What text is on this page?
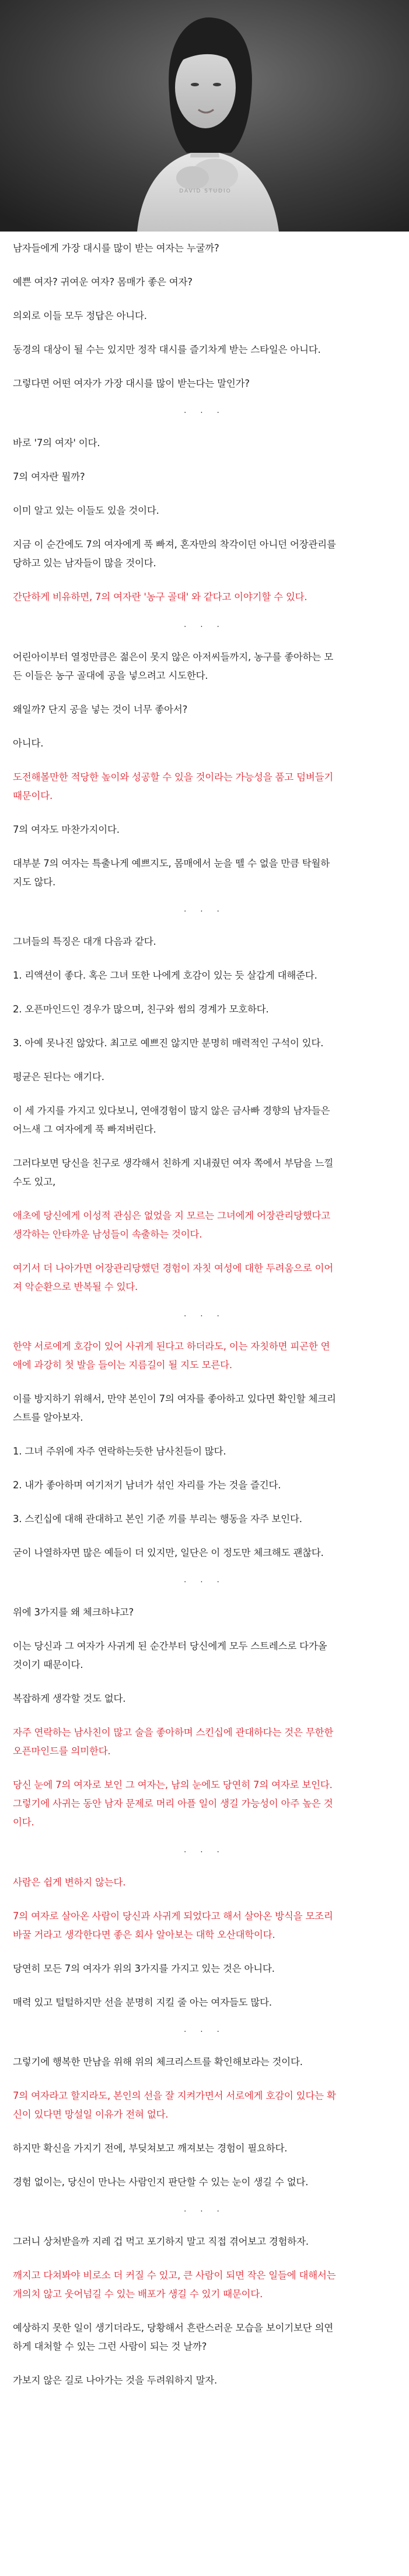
DAVID STUDIO
남자들에게 가장 대시를 많이 받는 여자는 누굴까?
예쁜 여자? 귀여운 여자? 몸매가 좋은 여자?
의외로 이들 모두 정답은 아니다.
동경의 대상이 될 수는 있지만 정작 대시를 즐기차게 받는 스타일은 아니다.
그렇다면 어떤 여자가 가장 대시를 많이 받는다는 말인가?
· · ·
바로 '7의 여자' 이다.
7의 여자란 뭘까?
이미 알고 있는 이들도 있을 것이다.
지금 이 순간에도 7의 여자에게 푹 빠져, 혼자만의 착각이던 아니던 어장관리를
당하고 있는 남자들이 많을 것이다.
간단하게 비유하면, 7의 여자란 '농구 골대' 와 같다고 이야기할 수 있다.
· · ·
어린아이부터 열정만큼은 젊은이 못지 않은 아저씨들까지, 농구를 좋아하는 모
든 이들은 농구 골대에 공을 넣으려고 시도한다.
왜일까? 단지 공을 넣는 것이 너무 좋아서?
아니다.
도전해볼만한 적당한 높이와 성공할 수 있을 것이라는 가능성을 품고 덤벼들기
때문이다.
7의 여자도 마찬가지이다.
대부분 7의 여자는 특출나게 예쁘지도, 몸매에서 눈을 뗄 수 없을 만큼 탁월하
지도 않다.
· · ·
그녀들의 특징은 대개 다음과 같다.
1. 리액션이 좋다. 혹은 그녀 또한 나에게 호감이 있는 듯 살갑게 대해준다.
2. 오픈마인드인 경우가 많으며, 친구와 썸의 경계가 모호하다.
3. 아예 못나진 않았다. 최고로 예쁘진 않지만 분명히 매력적인 구석이 있다.
평균은 된다는 얘기다.
이 세 가지를 가지고 있다보니, 연애경험이 많지 않은 금사빠 경향의 남자들은
어느새 그 여자에게 푹 빠져버린다.
그러다보면 당신을 친구로 생각해서 친하게 지내줬던 여자 쪽에서 부담을 느낄
수도 있고,
애초에 당신에게 이성적 관심은 없었을 지 모르는 그녀에게 어장관리당했다고
생각하는 안타까운 남성들이 속출하는 것이다.
여기서 더 나아가면 어장관리당했던 경험이 자칫 여성에 대한 두려움으로 이어
져 악순환으로 반복될 수 있다.
· · ·
한약 서로에게 호감이 있어 사귀게 된다고 하더라도, 이는 자칫하면 피곤한 연
애에 과강히 첫 발을 들이는 지름길이 될 지도 모른다.
이를 방지하기 위해서, 만약 본인이 7의 여자를 좋아하고 있다면 확인할 체크리
스트를 알아보자.
1. 그녀 주위에 자주 연락하는듯한 남사친들이 많다.
2. 내가 좋아하며 여기저기 남녀가 섞인 자리를 가는 것을 즐긴다.
3. 스킨십에 대해 관대하고 본인 기준 끼를 부리는 행동을 자주 보인다.
굳이 나열하자면 많은 예들이 더 있지만, 일단은 이 정도만 체크해도 괜찮다.
· · ·
위에 3가지를 왜 체크하냐고?
이는 당신과 그 여자가 사귀게 된 순간부터 당신에게 모두 스트레스로 다가올
것이기 때문이다.
복잡하게 생각할 것도 없다.
자주 연락하는 남사친이 많고 술을 좋아하며 스킨십에 관대하다는 것은 무한한
오픈마인드를 의미한다.
당신 눈에 7의 여자로 보인 그 여자는, 남의 눈에도 당연히 7의 여자로 보인다.
그렇기에 사귀는 동안 남자 문제로 머리 아플 일이 생길 가능성이 아주 높은 것
이다.
· · ·
사람은 쉽게 변하지 않는다.
7의 여자로 살아온 사람이 당신과 사귀게 되었다고 해서 살아온 방식을 모조리
바꿀 거라고 생각한다면 좋은 회사 알아보는 대학 오산대학이다.
당연히 모든 7의 여자가 위의 3가지를 가지고 있는 것은 아니다.
매력 있고 털털하지만 선을 분명히 지킬 줄 아는 여자들도 많다.
· · ·
그렇기에 행복한 만남을 위해 위의 체크리스트를 확인해보라는 것이다.
7의 여자라고 할지라도, 본인의 선을 잘 지켜가면서 서로에게 호감이 있다는 확
신이 있다면 망설일 이유가 전혀 없다.
하지만 확신을 가지기 전에, 부딪쳐보고 깨져보는 경험이 필요하다.
경험 없이는, 당신이 만나는 사람인지 판단할 수 있는 눈이 생길 수 없다.
· · ·
그러니 상처받을까 지레 겁 먹고 포기하지 말고 직접 겪어보고 경험하자.
깨지고 다쳐봐야 비로소 더 커질 수 있고, 큰 사람이 되면 작은 일들에 대해서는
개의치 않고 웃어넘길 수 있는 배포가 생길 수 있기 때문이다.
예상하지 못한 일이 생기더라도, 당황해서 흔란스러운 모습을 보이기보단 의연
하게 대처할 수 있는 그런 사람이 되는 것 날까?
가보지 않은 길로 나아가는 것을 두려워하지 말자.
